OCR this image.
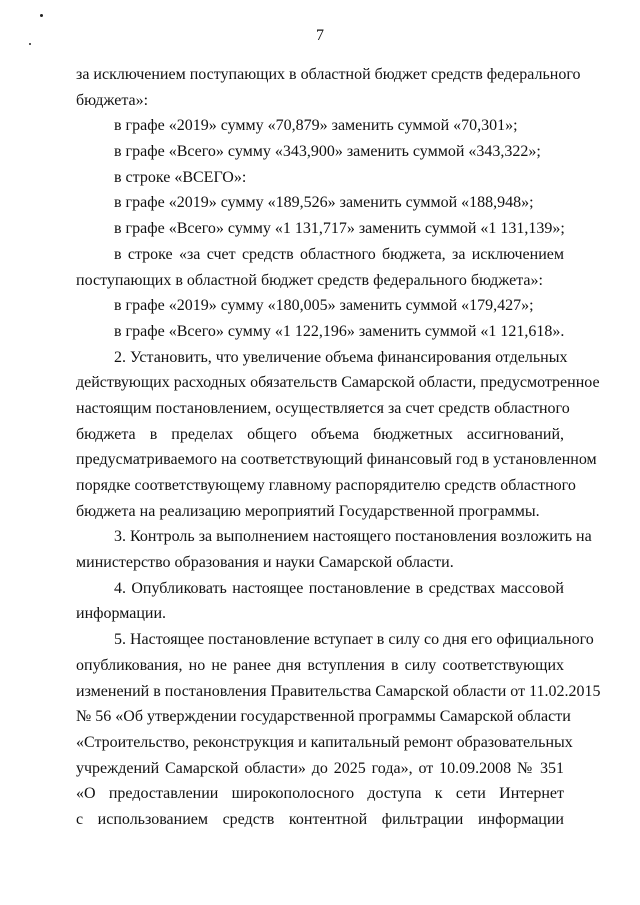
7
за исключением поступающих в областной бюджет средств федерального
бюджета»:
в графе «2019» сумму «70,879» заменить суммой «70,301»;
в графе «Всего» сумму «343,900» заменить суммой «343,322»;
в строке «ВСЕГО»:
в графе «2019» сумму «189,526» заменить суммой «188,948»;
в графе «Всего» сумму «1 131,717» заменить суммой «1 131,139»;
в строке «за счет средств областного бюджета, за исключением
поступающих в областной бюджет средств федерального бюджета»:
в графе «2019» сумму «180,005» заменить суммой «179,427»;
в графе «Всего» сумму «1 122,196» заменить суммой «1 121,618».
2. Установить, что увеличение объема финансирования отдельных
действующих расходных обязательств Самарской области, предусмотренное
настоящим постановлением, осуществляется за счет средств областного
бюджета в пределах общего объема бюджетных ассигнований,
предусматриваемого на соответствующий финансовый год в установленном
порядке соответствующему главному распорядителю средств областного
бюджета на реализацию мероприятий Государственной программы.
3. Контроль за выполнением настоящего постановления возложить на
министерство образования и науки Самарской области.
4. Опубликовать настоящее постановление в средствах массовой
информации.
5. Настоящее постановление вступает в силу со дня его официального
опубликования, но не ранее дня вступления в силу соответствующих
изменений в постановления Правительства Самарской области от 11.02.2015
№ 56 «Об утверждении государственной программы Самарской области
«Строительство, реконструкция и капитальный ремонт образовательных
учреждений Самарской области» до 2025 года», от 10.09.2008 № 351
«О предоставлении широкополосного доступа к сети Интернет
с использованием средств контентной фильтрации информации
